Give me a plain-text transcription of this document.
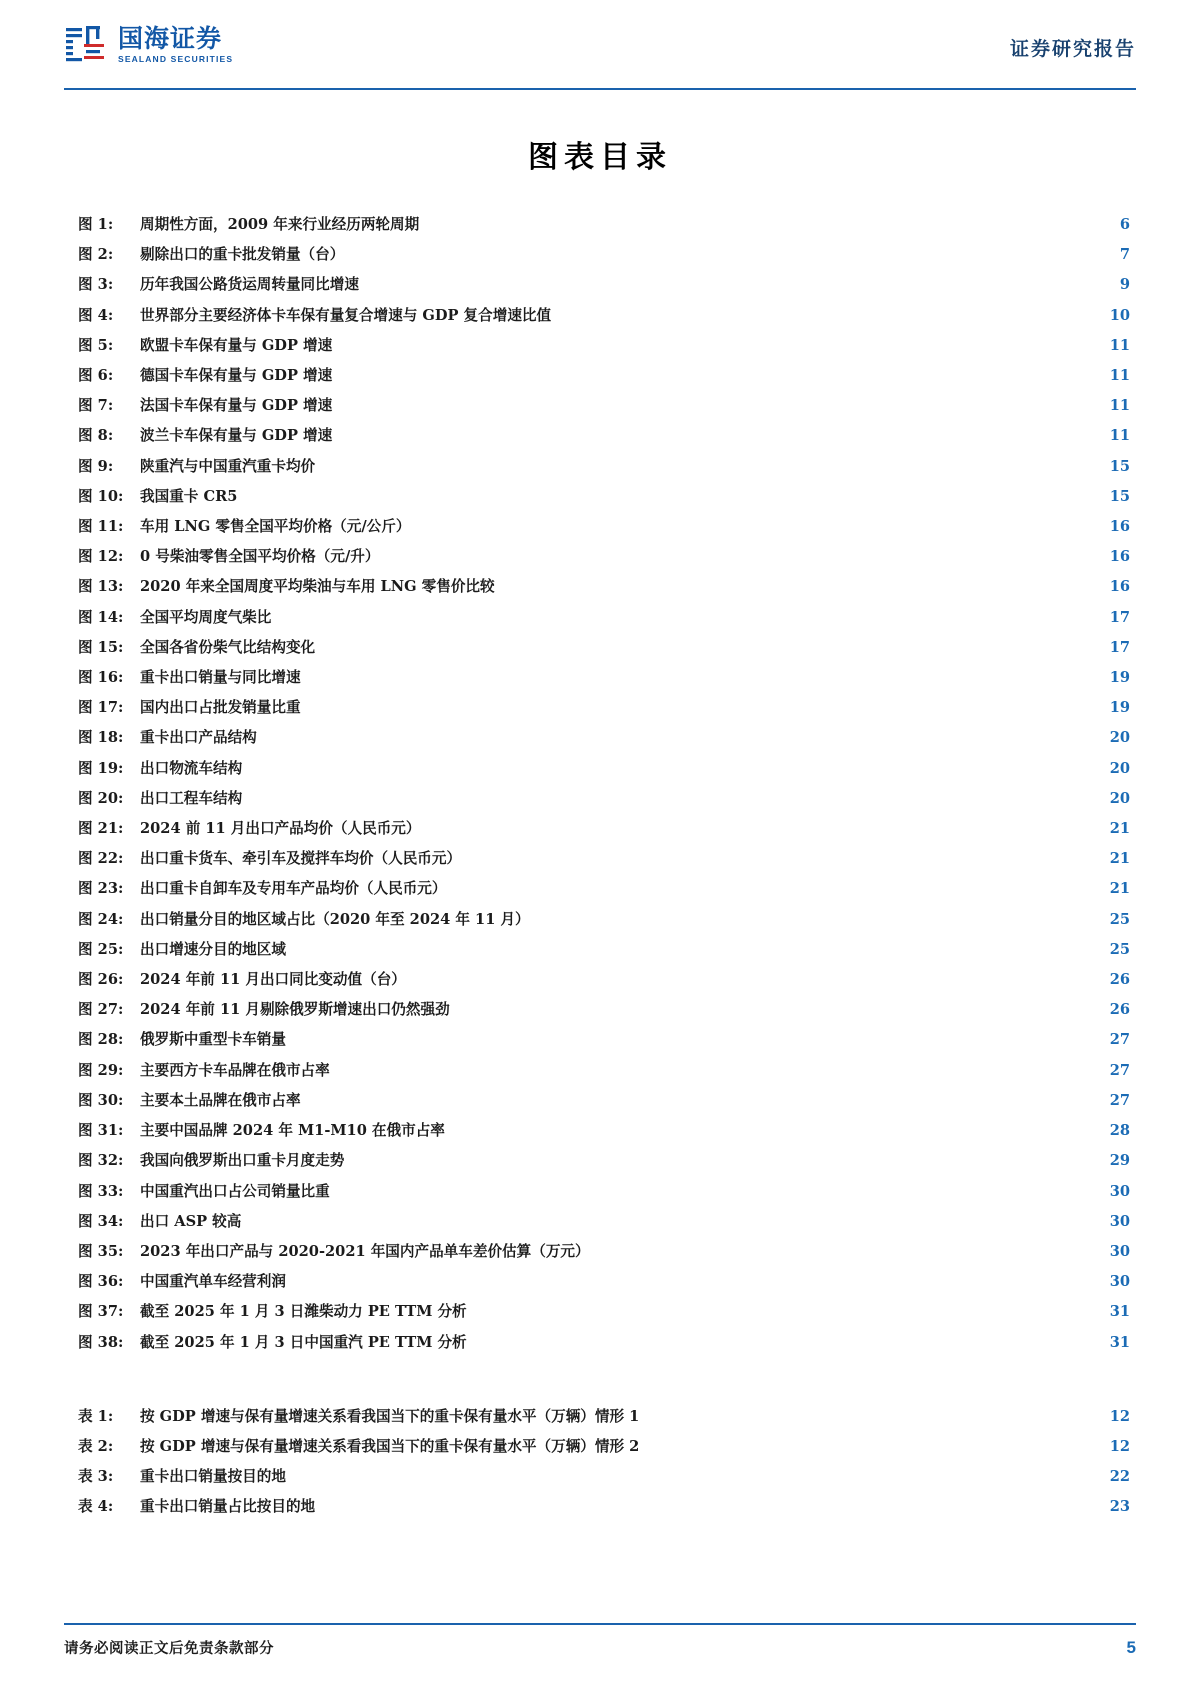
国海证券
SEALAND SECURITIES	证券研究报告
图表目录
图 1:	周期性方面，2009 年来行业经历两轮周期 .....	6
图 2:	剔除出口的重卡批发销量（台） .....	7
图 3:	历年我国公路货运周转量同比增速 .....	9
图 4:	世界部分主要经济体卡车保有量复合增速与 GDP 复合增速比值 .....	10
图 5:	欧盟卡车保有量与 GDP 增速 .....	11
图 6:	德国卡车保有量与 GDP 增速 .....	11
图 7:	法国卡车保有量与 GDP 增速 .....	11
图 8:	波兰卡车保有量与 GDP 增速 .....	11
图 9:	陕重汽与中国重汽重卡均价 .....	15
图 10:	我国重卡 CR5 .....	15
图 11:	车用 LNG 零售全国平均价格（元/公斤） .....	16
图 12:	0 号柴油零售全国平均价格（元/升） .....	16
图 13:	2020 年来全国周度平均柴油与车用 LNG 零售价比较 .....	16
图 14:	全国平均周度气柴比 .....	17
图 15:	全国各省份柴气比结构变化 .....	17
图 16:	重卡出口销量与同比增速 .....	19
图 17:	国内出口占批发销量比重 .....	19
图 18:	重卡出口产品结构 .....	20
图 19:	出口物流车结构 .....	20
图 20:	出口工程车结构 .....	20
图 21:	2024 前 11 月出口产品均价（人民币元） .....	21
图 22:	出口重卡货车、牵引车及搅拌车均价（人民币元） .....	21
图 23:	出口重卡自卸车及专用车产品均价（人民币元） .....	21
图 24:	出口销量分目的地区域占比（2020 年至 2024 年 11 月） .....	25
图 25:	出口增速分目的地区域 .....	25
图 26:	2024 年前 11 月出口同比变动值（台） .....	26
图 27:	2024 年前 11 月剔除俄罗斯增速出口仍然强劲 .....	26
图 28:	俄罗斯中重型卡车销量 .....	27
图 29:	主要西方卡车品牌在俄市占率 .....	27
图 30:	主要本土品牌在俄市占率 .....	27
图 31:	主要中国品牌 2024 年 M1-M10 在俄市占率 .....	28
图 32:	我国向俄罗斯出口重卡月度走势 .....	29
图 33:	中国重汽出口占公司销量比重 .....	30
图 34:	出口 ASP 较高 .....	30
图 35:	2023 年出口产品与 2020-2021 年国内产品单车差价估算（万元） .....	30
图 36:	中国重汽单车经营利润 .....	30
图 37:	截至 2025 年 1 月 3 日潍柴动力 PE TTM 分析 .....	31
图 38:	截至 2025 年 1 月 3 日中国重汽 PE TTM 分析 .....	31
表 1:	按 GDP 增速与保有量增速关系看我国当下的重卡保有量水平（万辆）情形 1 .....	12
表 2:	按 GDP 增速与保有量增速关系看我国当下的重卡保有量水平（万辆）情形 2 .....	12
表 3:	重卡出口销量按目的地 .....	22
表 4:	重卡出口销量占比按目的地 .....	23
请务必阅读正文后免责条款部分	5
